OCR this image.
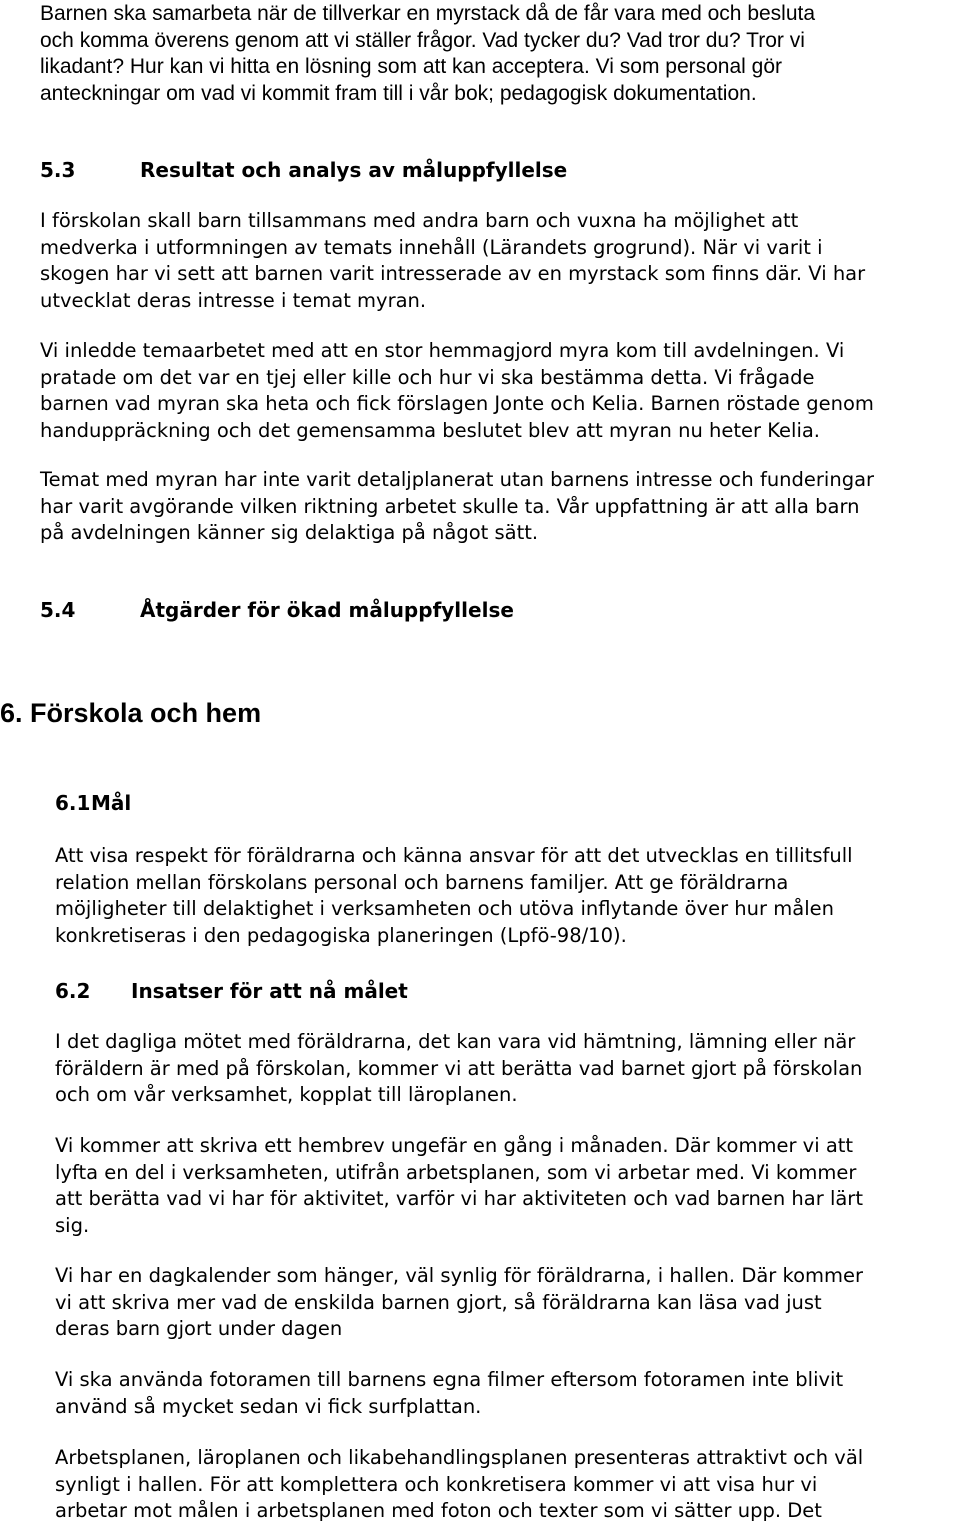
Barnen ska samarbeta när de tillverkar en myrstack då de får vara med och besluta
och komma överens genom att vi ställer frågor. Vad tycker du? Vad tror du? Tror vi
likadant? Hur kan vi hitta en lösning som att kan acceptera. Vi som personal gör
anteckningar om vad vi kommit fram till i vår bok; pedagogisk dokumentation.

5.3	Resultat och analys av måluppfyllelse

I förskolan skall barn tillsammans med andra barn och vuxna ha möjlighet att
medverka i utformningen av temats innehåll (Lärandets grogrund). När vi varit i
skogen har vi sett att barnen varit intresserade av en myrstack som finns där. Vi har
utvecklat deras intresse i temat myran.

Vi inledde temaarbetet med att en stor hemmagjord myra kom till avdelningen. Vi
pratade om det var en tjej eller kille och hur vi ska bestämma detta. Vi frågade
barnen vad myran ska heta och fick förslagen Jonte och Kelia. Barnen röstade genom
handuppräckning och det gemensamma beslutet blev att myran nu heter Kelia.

Temat med myran har inte varit detaljplanerat utan barnens intresse och funderingar
har varit avgörande vilken riktning arbetet skulle ta. Vår uppfattning är att alla barn
på avdelningen känner sig delaktiga på något sätt.

5.4	Åtgärder för ökad måluppfyllelse
6. Förskola och hem
6.1Mål

Att visa respekt för föräldrarna och känna ansvar för att det utvecklas en tillitsfull
relation mellan förskolans personal och barnens familjer. Att ge föräldrarna
möjligheter till delaktighet i verksamheten och utöva inflytande över hur målen
konkretiseras i den pedagogiska planeringen (Lpfö-98/10).

6.2 Insatser för att nå målet

I det dagliga mötet med föräldrarna, det kan vara vid hämtning, lämning eller när
föräldern är med på förskolan, kommer vi att berätta vad barnet gjort på förskolan
och om vår verksamhet, kopplat till läroplanen.

Vi kommer att skriva ett hembrev ungefär en gång i månaden. Där kommer vi att
lyfta en del i verksamheten, utifrån arbetsplanen, som vi arbetar med. Vi kommer
att berätta vad vi har för aktivitet, varför vi har aktiviteten och vad barnen har lärt
sig.

Vi har en dagkalender som hänger, väl synlig för föräldrarna, i hallen. Där kommer
vi att skriva mer vad de enskilda barnen gjort, så föräldrarna kan läsa vad just
deras barn gjort under dagen

Vi ska använda fotoramen till barnens egna filmer eftersom fotoramen inte blivit
använd så mycket sedan vi fick surfplattan.

Arbetsplanen, läroplanen och likabehandlingsplanen presenteras attraktivt och väl
synligt i hallen. För att komplettera och konkretisera kommer vi att visa hur vi
arbetar mot målen i arbetsplanen med foton och texter som vi sätter upp. Det
